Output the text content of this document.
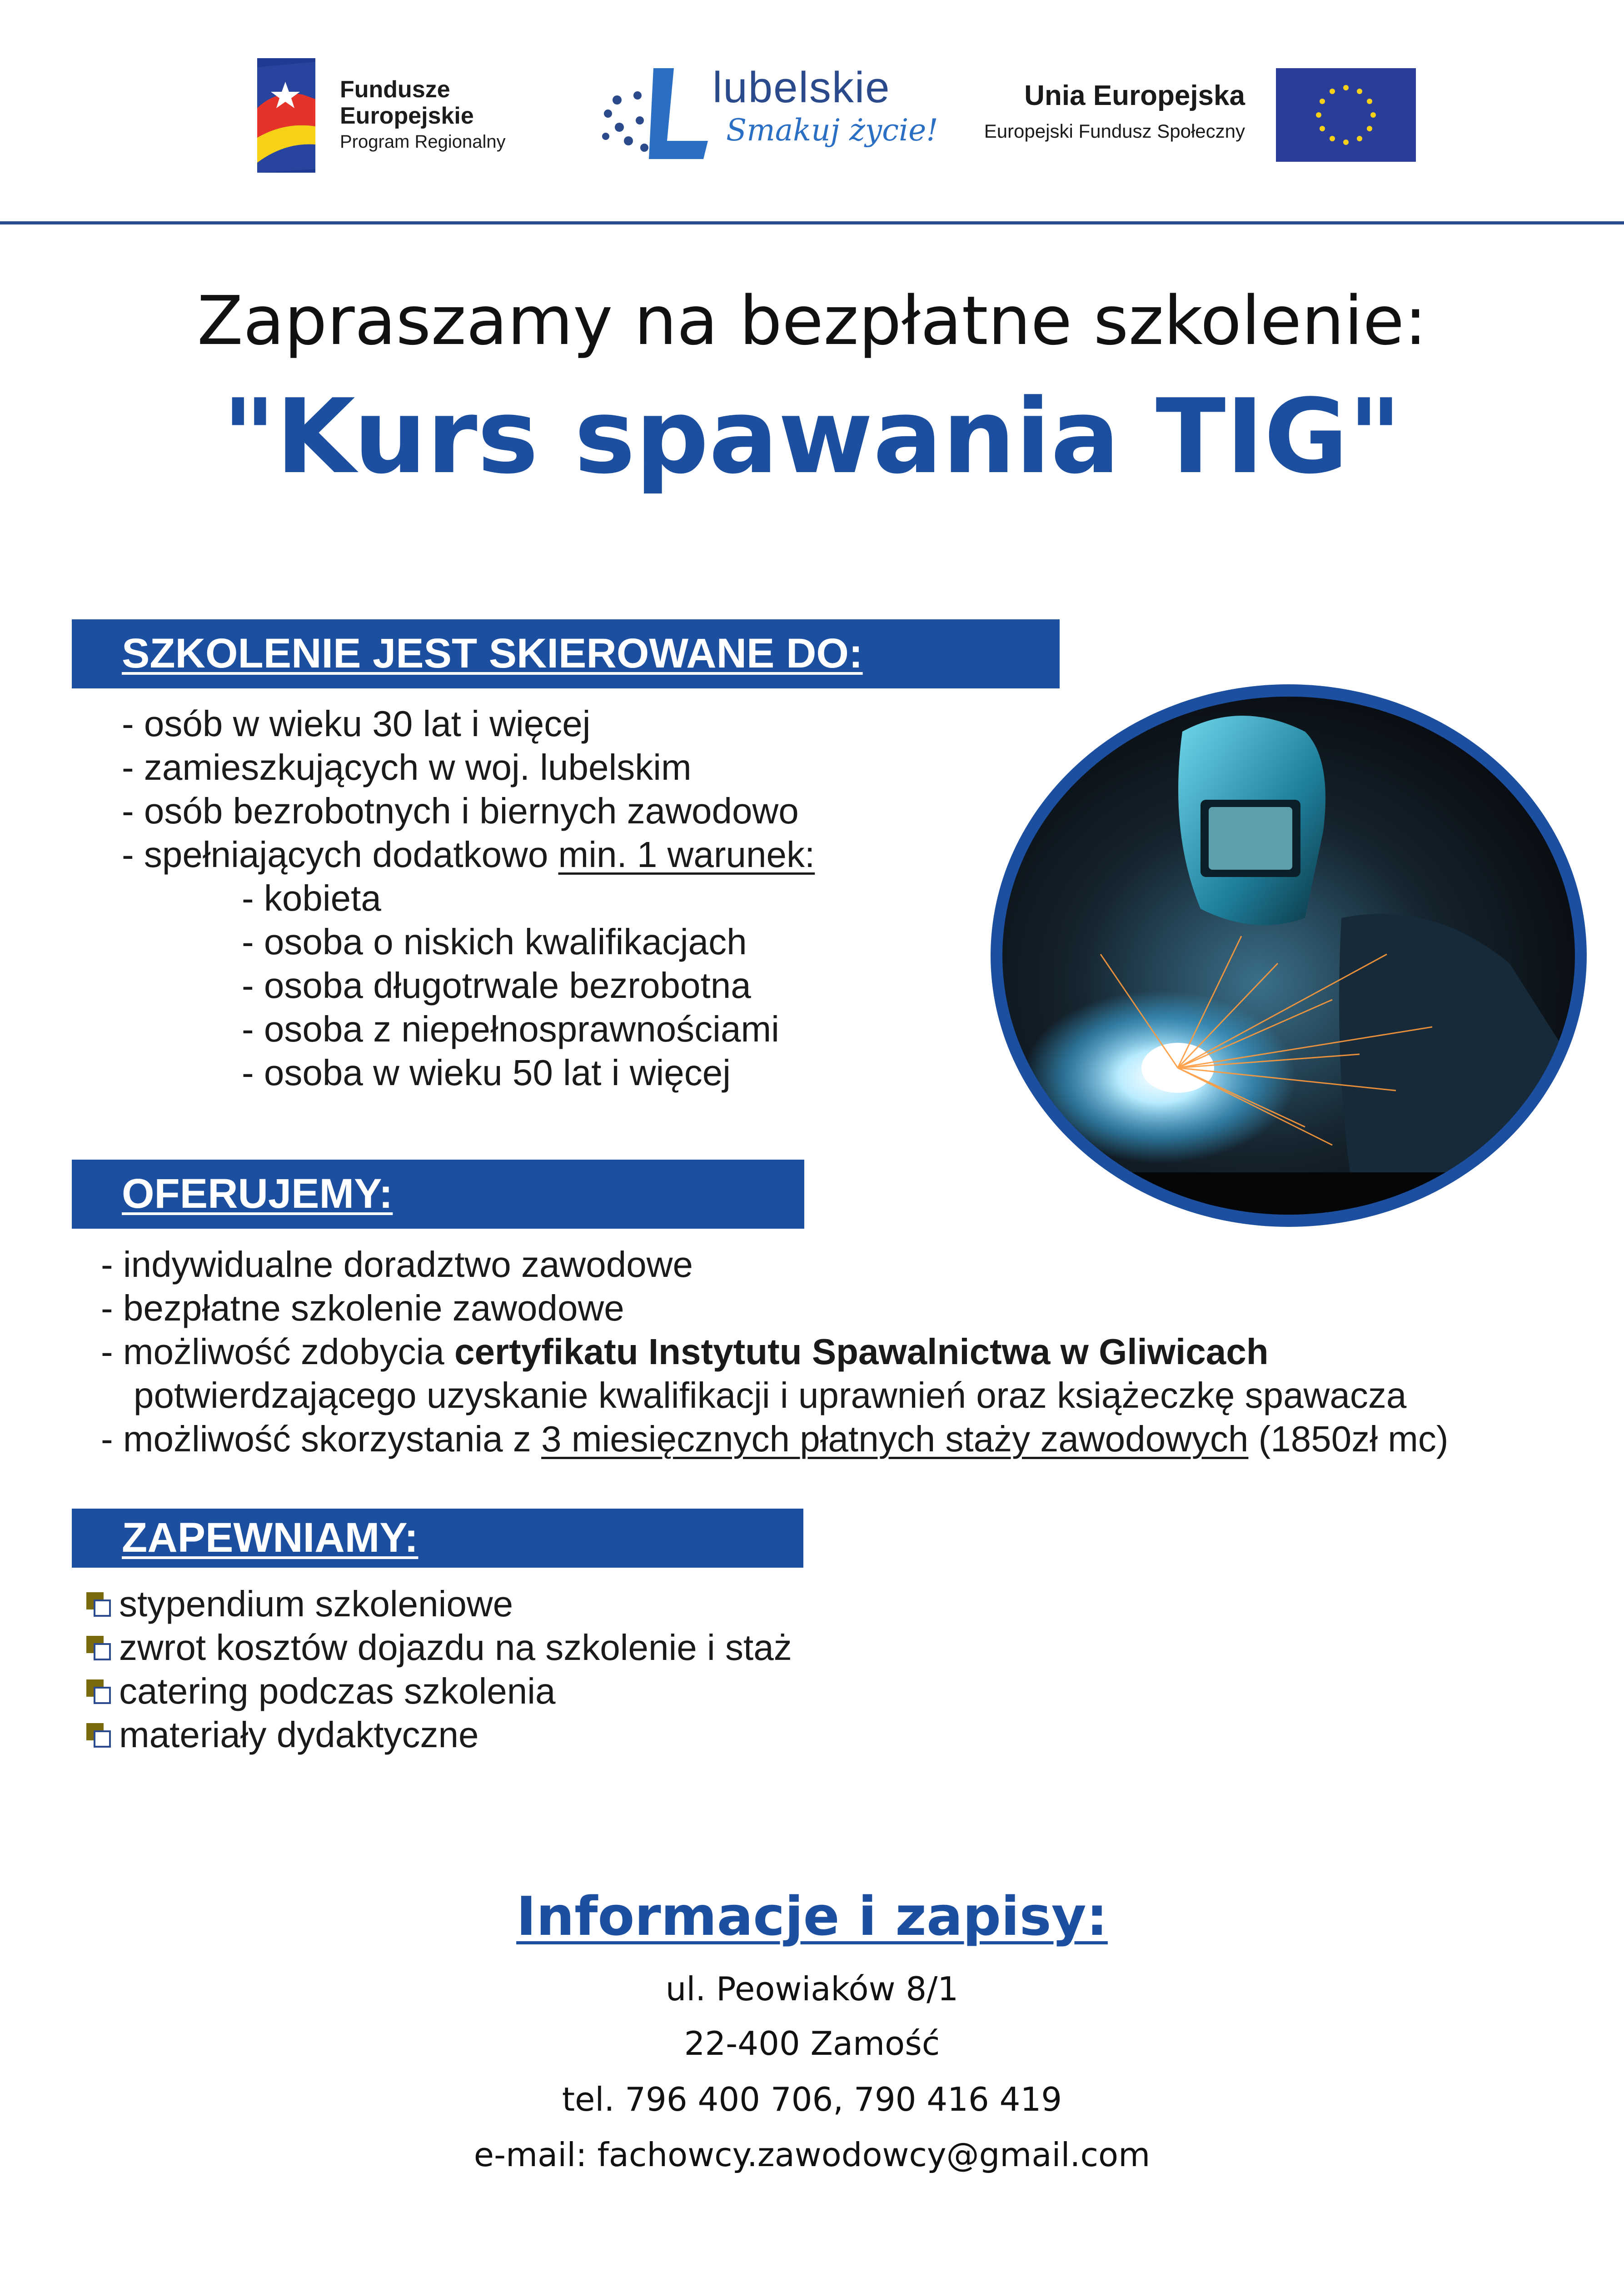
Fundusze
Europejskie
Program Regionalny
lubelskie
Smakuj życie!
Unia Europejska
Europejski Fundusz Społeczny
Zapraszamy na bezpłatne szkolenie:
"Kurs spawania TIG"
SZKOLENIE JEST SKIEROWANE DO:
- osób w wieku 30 lat i więcej
- zamieszkujących w woj. lubelskim
- osób bezrobotnych i biernych zawodowo
- spełniających dodatkowo min. 1 warunek:
- kobieta
- osoba o niskich kwalifikacjach
- osoba długotrwale bezrobotna
- osoba z niepełnosprawnościami
- osoba w wieku 50 lat i więcej
OFERUJEMY:
- indywidualne doradztwo zawodowe
- bezpłatne szkolenie zawodowe
- możliwość zdobycia certyfikatu Instytutu Spawalnictwa w Gliwicach
potwierdzającego uzyskanie kwalifikacji i uprawnień oraz książeczkę spawacza
- możliwość skorzystania z 3 miesięcznych płatnych staży zawodowych (1850zł mc)
ZAPEWNIAMY:
stypendium szkoleniowe
zwrot kosztów dojazdu na szkolenie i staż
catering podczas szkolenia
materiały dydaktyczne
Informacje i zapisy:
ul. Peowiaków 8/1
22-400 Zamość
tel. 796 400 706, 790 416 419
e-mail: fachowcy.zawodowcy@gmail.com
